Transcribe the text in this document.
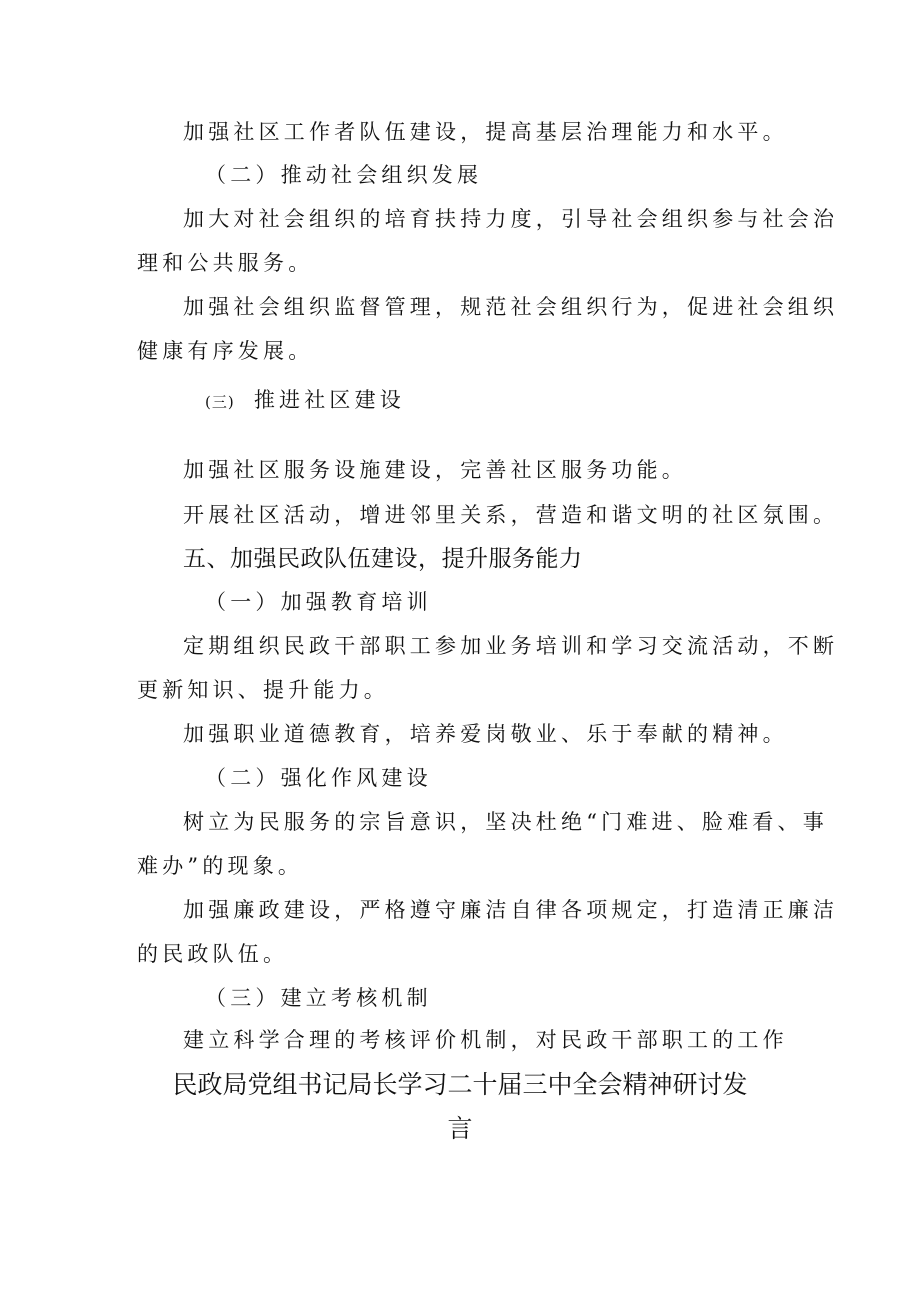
加强社区工作者队伍建设，提高基层治理能力和水平。
（二）推动社会组织发展
加大对社会组织的培育扶持力度，引导社会组织参与社会治
理和公共服务。
加强社会组织监督管理，规范社会组织行为，促进社会组织
健康有序发展。
(三) 推进社区建设
加强社区服务设施建设，完善社区服务功能。
开展社区活动，增进邻里关系，营造和谐文明的社区氛围。
五、加强民政队伍建设，提升服务能力
（一）加强教育培训
定期组织民政干部职工参加业务培训和学习交流活动，不断
更新知识、提升能力。
加强职业道德教育，培养爱岗敬业、乐于奉献的精神。
（二）强化作风建设
树立为民服务的宗旨意识，坚决杜绝“门难进、脸难看、事
难办”的现象。
加强廉政建设，严格遵守廉洁自律各项规定，打造清正廉洁
的民政队伍。
（三）建立考核机制
建立科学合理的考核评价机制，对民政干部职工的工作
民政局党组书记局长学习二十届三中全会精神研讨发
言
